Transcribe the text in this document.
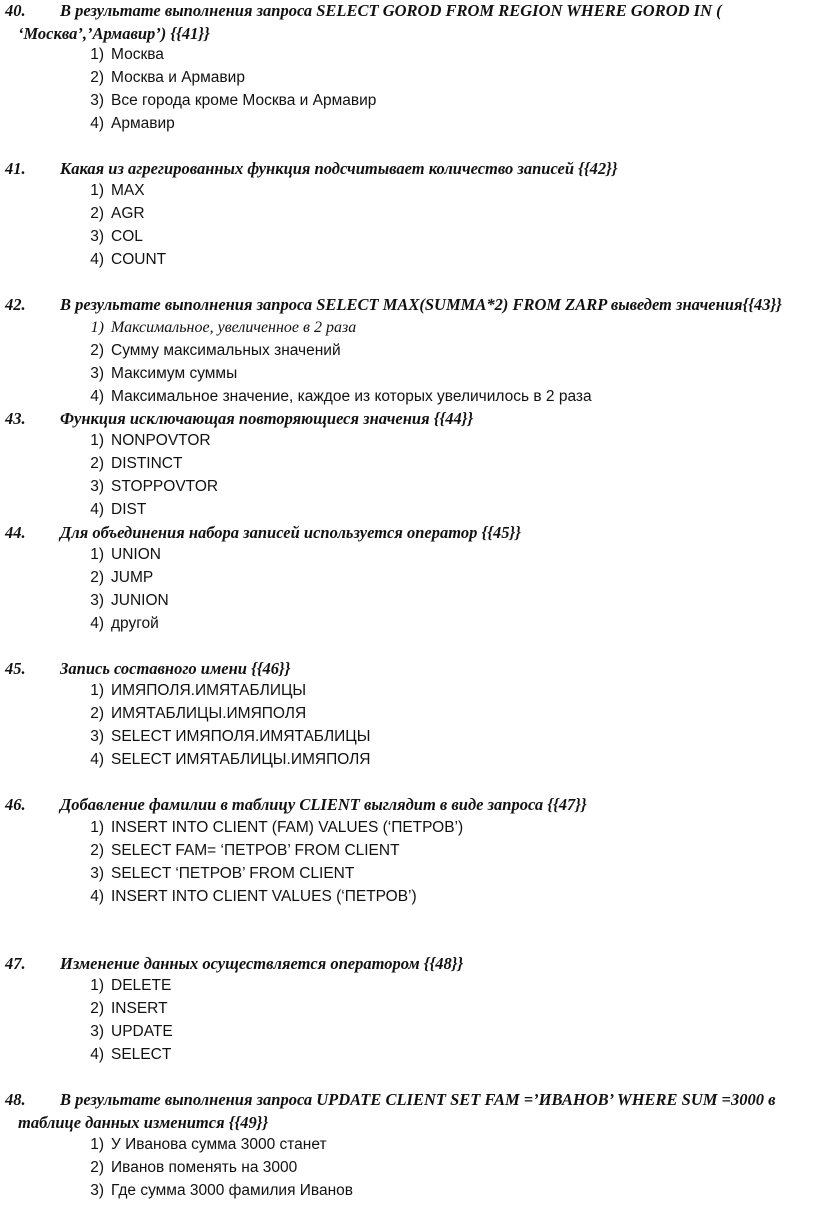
40. В результате выполнения запроса SELECT GOROD FROM REGION WHERE GOROD IN (
‘Москва’,’Армавир’) {{41}}
1) Москва
2) Москва и Армавир
3) Все города кроме Москва и Армавир
4) Армавир
41. Какая из агрегированных функция подсчитывает количество записей {{42}}
1) MAX
2) AGR
3) COL
4) COUNT
42. В результате выполнения запроса SELECT MAX(SUMMA*2) FROM ZARP выведет значения{{43}}
1) Максимальное, увеличенное в 2 раза
2) Сумму максимальных значений
3) Максимум суммы
4) Максимальное значение, каждое из которых увеличилось в 2 раза
43. Функция исключающая повторяющиеся значения {{44}}
1) NONPOVTOR
2) DISTINCT
3) STOPPOVTOR
4) DIST
44. Для объединения набора записей используется оператор {{45}}
1) UNION
2) JUMP
3) JUNION
4) другой
45. Запись составного имени {{46}}
1) ИМЯПОЛЯ.ИМЯТАБЛИЦЫ
2) ИМЯТАБЛИЦЫ.ИМЯПОЛЯ
3) SELECT ИМЯПОЛЯ.ИМЯТАБЛИЦЫ
4) SELECT ИМЯТАБЛИЦЫ.ИМЯПОЛЯ
46. Добавление фамилии в таблицу CLIENT выглядит в виде запроса {{47}}
1) INSERT INTO CLIENT (FAM) VALUES (‘ПЕТРОВ’)
2) SELECT FAM= ‘ПЕТРОВ’ FROM CLIENT
3) SELECT ‘ПЕТРОВ’ FROM CLIENT
4) INSERT INTO CLIENT VALUES (‘ПЕТРОВ’)
47. Изменение данных осуществляется оператором {{48}}
1) DELETE
2) INSERT
3) UPDATE
4) SELECT
48. В результате выполнения запроса UPDATE CLIENT SET FAM =’ИВАНОВ’ WHERE SUM =3000 в
таблице данных изменится {{49}}
1) У Иванова сумма 3000 станет
2) Иванов поменять на 3000
3) Где сумма 3000 фамилия Иванов
